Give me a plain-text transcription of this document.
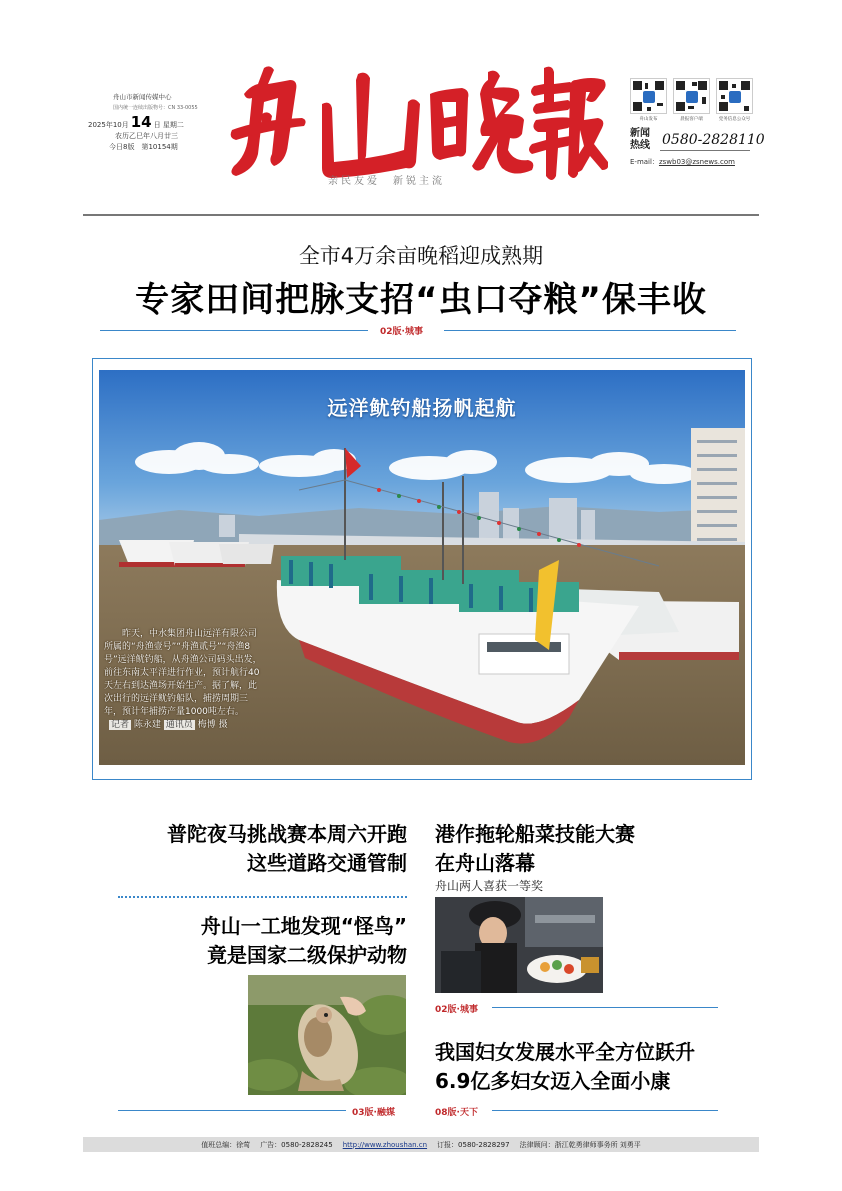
舟山市新闻传媒中心
国内统一连续出版物号：CN 33-0055
2025年10月 14 日 星期二
农历乙巳年八月廿三
今日8版　第10154期
亲民友爱　新锐主流
舟山发布	晨报客户端	党务信息公众号
新闻热线 0580-2828110
E-mail：zswb03@zsnews.com
全市4万余亩晚稻迎成熟期
专家田间把脉支招“虫口夺粮”保丰收
02版·城事
远洋鱿钓船扬帆起航
昨天，中水集团舟山远洋有限公司所属的“舟渔壹号”“舟渔贰号”“舟渔8号”远洋鱿钓船，从舟渔公司码头出发，前往东南太平洋进行作业，预计航行40天左右到达渔场开始生产。据了解，此次出行的远洋鱿钓船队，捕捞周期三年，预计年捕捞产量1000吨左右。
记者 陈永建 通讯员 梅博 摄
普陀夜马挑战赛本周六开跑
这些道路交通管制
舟山一工地发现“怪鸟”
竟是国家二级保护动物
03版·融媒
港作拖轮船菜技能大赛
在舟山落幕
舟山两人喜获一等奖
02版·城事
我国妇女发展水平全方位跃升
6.9亿多妇女迈入全面小康
08版·天下
值班总编：徐莺 广告：0580-2828245 http://www.zhoushan.cn 订报：0580-2828297 法律顾问：浙江乾勇律师事务所 刘勇平
